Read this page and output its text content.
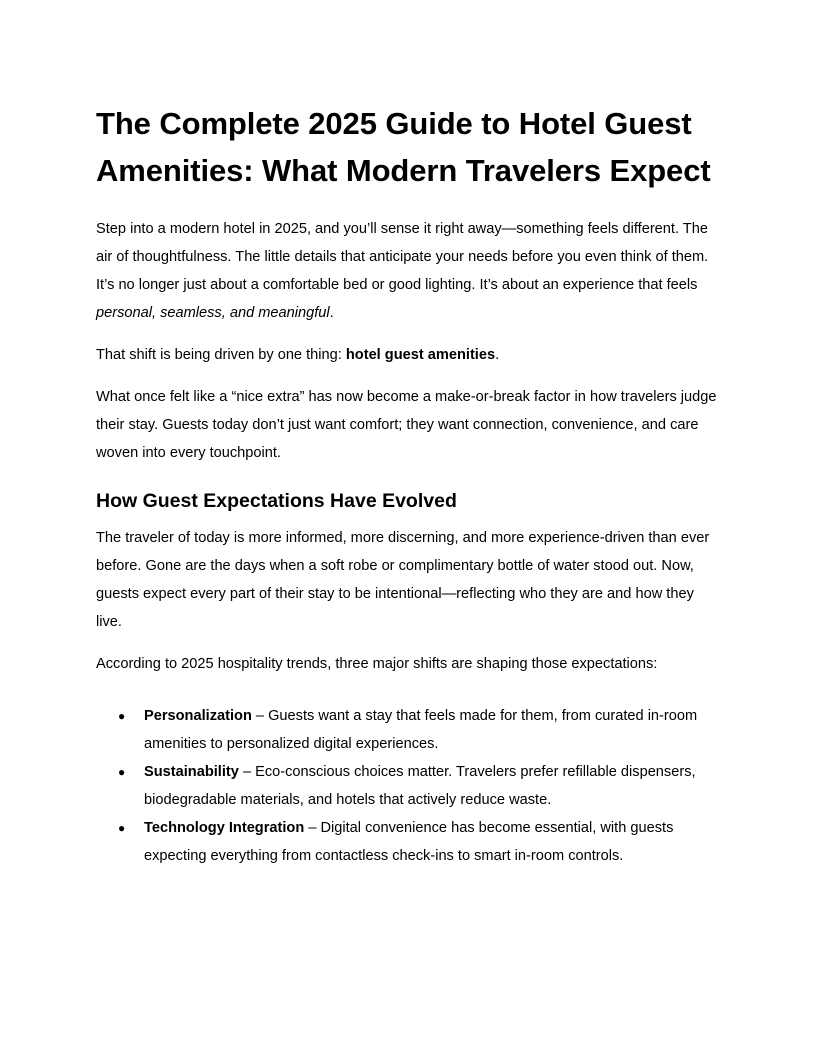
The Complete 2025 Guide to Hotel Guest Amenities: What Modern Travelers Expect

Step into a modern hotel in 2025, and you’ll sense it right away—something feels different. The air of thoughtfulness. The little details that anticipate your needs before you even think of them. It’s no longer just about a comfortable bed or good lighting. It’s about an experience that feels personal, seamless, and meaningful.

That shift is being driven by one thing: hotel guest amenities.

What once felt like a “nice extra” has now become a make-or-break factor in how travelers judge their stay. Guests today don’t just want comfort; they want connection, convenience, and care woven into every touchpoint.

How Guest Expectations Have Evolved

The traveler of today is more informed, more discerning, and more experience-driven than ever before. Gone are the days when a soft robe or complimentary bottle of water stood out. Now, guests expect every part of their stay to be intentional—reflecting who they are and how they live.

According to 2025 hospitality trends, three major shifts are shaping those expectations:

● Personalization – Guests want a stay that feels made for them, from curated in-room amenities to personalized digital experiences.
● Sustainability – Eco-conscious choices matter. Travelers prefer refillable dispensers, biodegradable materials, and hotels that actively reduce waste.
● Technology Integration – Digital convenience has become essential, with guests expecting everything from contactless check-ins to smart in-room controls.
